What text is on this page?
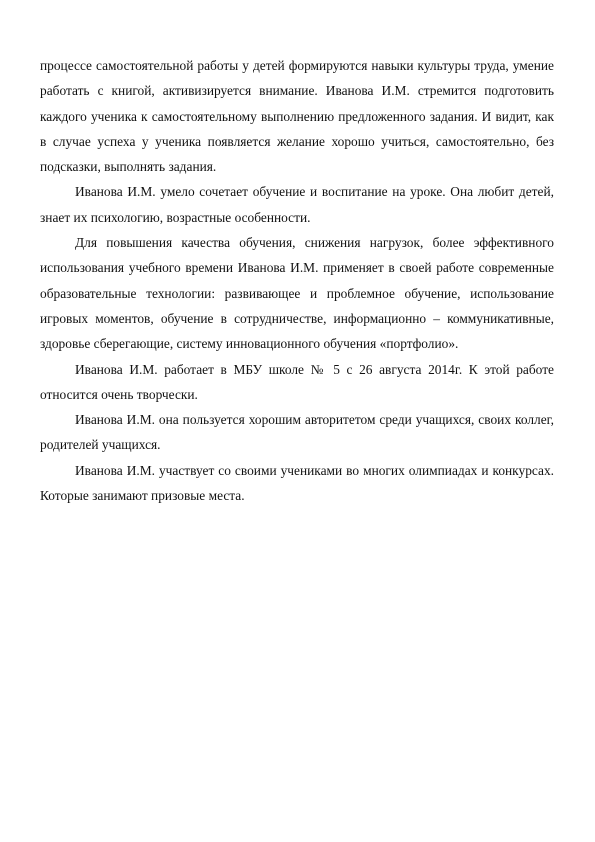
процессе самостоятельной работы у детей формируются навыки культуры труда, умение работать с книгой, активизируется внимание. Иванова И.М. стремится подготовить каждого ученика к самостоятельному выполнению предложенного задания. И видит, как в случае успеха у ученика появляется желание хорошо учиться, самостоятельно, без подсказки, выполнять задания.

Иванова И.М. умело сочетает обучение и воспитание на уроке. Она любит детей, знает их психологию, возрастные особенности.

Для повышения качества обучения, снижения нагрузок, более эффективного использования учебного времени Иванова И.М. применяет в своей работе современные образовательные технологии: развивающее и проблемное обучение, использование игровых моментов, обучение в сотрудничестве, информационно – коммуникативные, здоровье сберегающие, систему инновационного обучения «портфолио».

Иванова И.М. работает в МБУ школе № 5 с 26 августа 2014г. К этой работе относится очень творчески.

Иванова И.М. она пользуется хорошим авторитетом среди учащихся, своих коллег, родителей учащихся.

Иванова И.М. участвует со своими учениками во многих олимпиадах и конкурсах. Которые занимают призовые места.
